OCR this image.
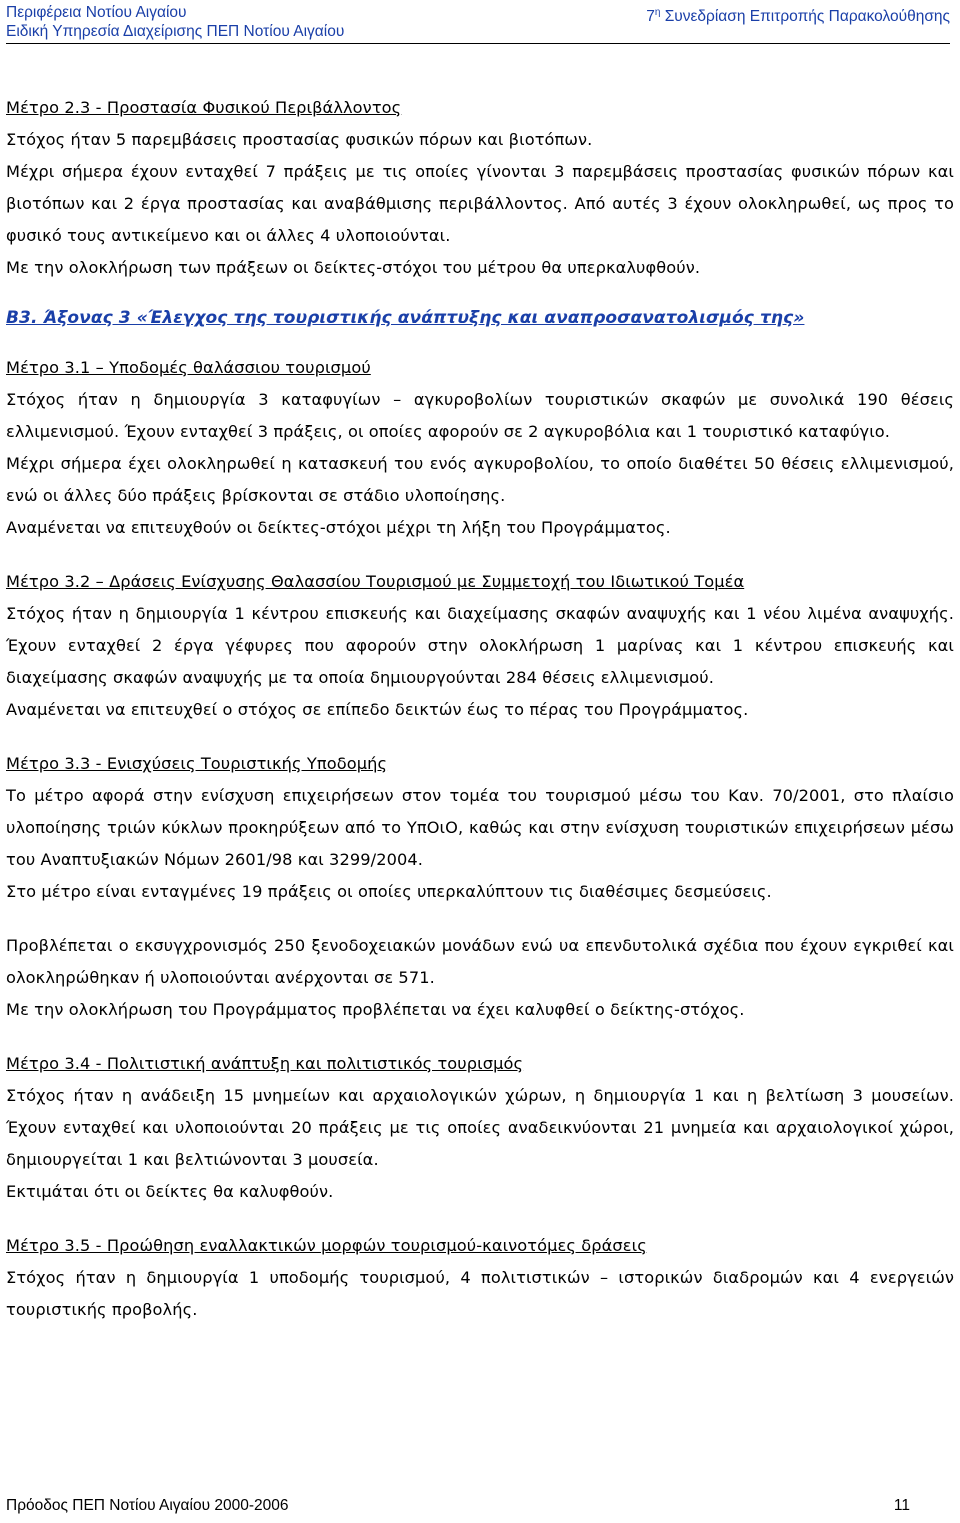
Περιφέρεια Νοτίου Αιγαίου
Ειδική Υπηρεσία Διαχείρισης ΠΕΠ Νοτίου Αιγαίου
$7^\eta$ Συνεδρίαση Επιτροπής Παρακολούθησης

Μέτρο 2.3 - Προστασία Φυσικού Περιβάλλοντος

Στόχος ήταν 5 παρεμβάσεις προστασίας φυσικών πόρων και βιοτόπων.

Μέχρι σήμερα έχουν ενταχθεί 7 πράξεις με τις οποίες γίνονται 3 παρεμβάσεις προστασίας φυσικών πόρων και βιοτόπων και 2 έργα προστασίας και αναβάθμισης περιβάλλοντος. Από αυτές 3 έχουν ολοκληρωθεί, ως προς το φυσικό τους αντικείμενο και οι άλλες 4 υλοποιούνται.

Με την ολοκλήρωση των πράξεων οι δείκτες-στόχοι του μέτρου θα υπερκαλυφθούν.

Β3. Άξονας 3 «Έλεγχος της τουριστικής ανάπτυξης και αναπροσανατολισμός της»

Μέτρο 3.1 – Υποδομές θαλάσσιου τουρισμού

Στόχος ήταν η δημιουργία 3 καταφυγίων – αγκυροβολίων τουριστικών σκαφών με συνολικά 190 θέσεις ελλιμενισμού. Έχουν ενταχθεί 3 πράξεις, οι οποίες αφορούν σε 2 αγκυροβόλια και 1 τουριστικό καταφύγιο.

Μέχρι σήμερα έχει ολοκληρωθεί η κατασκευή του ενός αγκυροβολίου, το οποίο διαθέτει 50 θέσεις ελλιμενισμού, ενώ οι άλλες δύο πράξεις βρίσκονται σε στάδιο υλοποίησης.

Αναμένεται να επιτευχθούν οι δείκτες-στόχοι μέχρι τη λήξη του Προγράμματος.

Μέτρο 3.2 – Δράσεις Ενίσχυσης Θαλασσίου Τουρισμού με Συμμετοχή του Ιδιωτικού Τομέα

Στόχος ήταν η δημιουργία 1 κέντρου επισκευής και διαχείμασης σκαφών αναψυχής και 1 νέου λιμένα αναψυχής. Έχουν ενταχθεί 2 έργα γέφυρες που αφορούν στην ολοκλήρωση 1 μαρίνας και 1 κέντρου επισκευής και διαχείμασης σκαφών αναψυχής με τα οποία δημιουργούνται 284 θέσεις ελλιμενισμού.

Αναμένεται να επιτευχθεί ο στόχος σε επίπεδο δεικτών έως το πέρας του Προγράμματος.

Μέτρο 3.3 - Ενισχύσεις Τουριστικής Υποδομής

Το μέτρο αφορά στην ενίσχυση επιχειρήσεων στον τομέα του τουρισμού μέσω του Καν. 70/2001, στο πλαίσιο υλοποίησης τριών κύκλων προκηρύξεων από το ΥπΟιΟ, καθώς και στην ενίσχυση τουριστικών επιχειρήσεων μέσω του Αναπτυξιακών Νόμων 2601/98 και 3299/2004.

Στο μέτρο είναι ενταγμένες 19 πράξεις οι οποίες υπερκαλύπτουν τις διαθέσιμες δεσμεύσεις.

Προβλέπεται ο εκσυγχρονισμός 250 ξενοδοχειακών μονάδων ενώ υα επενδυτολικά σχέδια που έχουν εγκριθεί και ολοκληρώθηκαν ή υλοποιούνται ανέρχονται σε 571.

Με την ολοκλήρωση του Προγράμματος προβλέπεται να έχει καλυφθεί ο δείκτης-στόχος.

Μέτρο 3.4 - Πολιτιστική ανάπτυξη και πολιτιστικός τουρισμός

Στόχος ήταν η ανάδειξη 15 μνημείων και αρχαιολογικών χώρων, η δημιουργία 1 και η βελτίωση 3 μουσείων. Έχουν ενταχθεί και υλοποιούνται 20 πράξεις με τις οποίες αναδεικνύονται 21 μνημεία και αρχαιολογικοί χώροι, δημιουργείται 1 και βελτιώνονται 3 μουσεία.

Εκτιμάται ότι οι δείκτες θα καλυφθούν.

Μέτρο 3.5 - Προώθηση εναλλακτικών μορφών τουρισμού-καινοτόμες δράσεις

Στόχος ήταν η δημιουργία 1 υποδομής τουρισμού, 4 πολιτιστικών – ιστορικών διαδρομών και 4 ενεργειών τουριστικής προβολής.

Πρόοδος ΠΕΠ Νοτίου Αιγαίου 2000-2006	11
